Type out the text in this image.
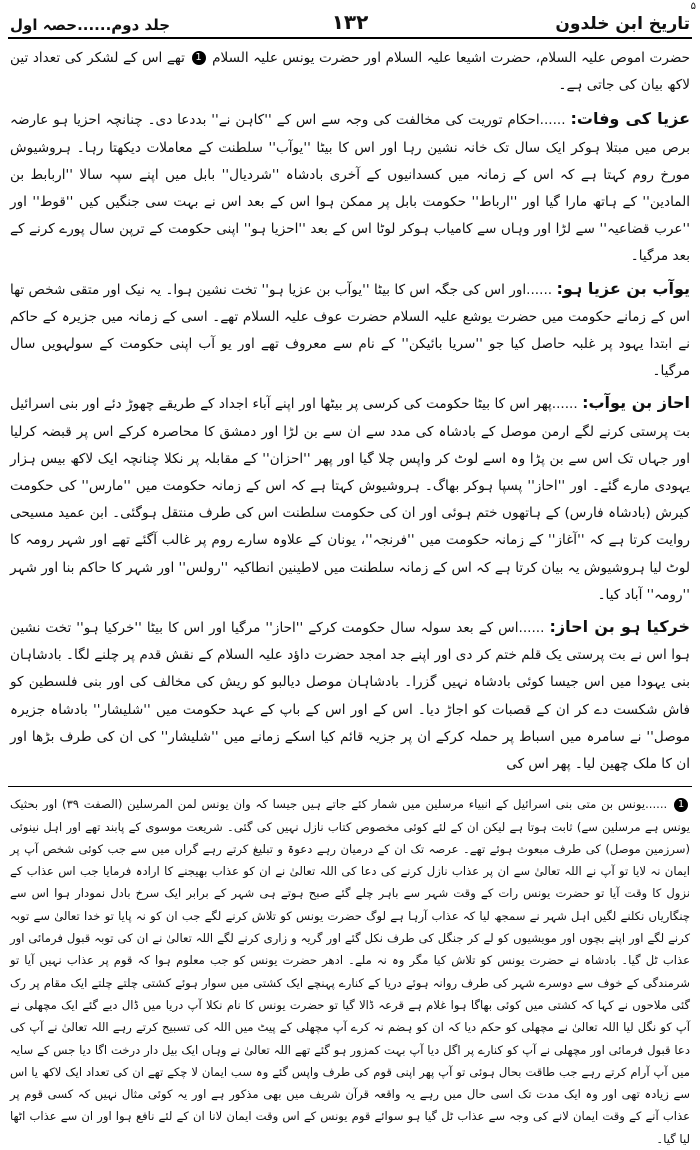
۵
تاریخ ابن خلدون
١٣٢
جلد دوم......حصہ اول

حضرت اموص علیہ السلام، حضرت اشیعا علیہ السلام اور حضرت یونس علیہ السلام 1 تھے اس کے لشکر کی تعداد تین لاکھ بیان کی جاتی ہے۔

عزیا کی وفات: ......احکام توریت کی مخالفت کی وجہ سے اس کے ''کاہن نے'' بددعا دی۔ چنانچہ احزیا ہو عارضہ برص میں مبتلا ہوکر ایک سال تک خانہ نشین رہا اور اس کا بیٹا ''یوآب'' سلطنت کے معاملات دیکھتا رہا۔ ہروشیوش مورخ روم کہتا ہے کہ اس کے زمانہ میں کسدانیوں کے آخری بادشاہ ''شردیال'' بابل میں اپنے سپہ سالا ''اربابط بن المادین'' کے ہاتھ مارا گیا اور ''ارباط'' حکومت بابل پر ممکن ہوا اس کے بعد اس نے بہت سی جنگیں کیں ''قوط'' اور ''عرب قضاعیہ'' سے لڑا اور وہاں سے کامیاب ہوکر لوٹا اس کے بعد ''احزیا ہو'' اپنی حکومت کے ترپن سال پورے کرنے کے بعد مرگیا۔

یوآب بن عزیا ہو: ......اور اس کی جگہ اس کا بیٹا ''یوآب بن عزیا ہو'' تخت نشین ہوا۔ یہ نیک اور متقی شخص تھا اس کے زمانے حکومت میں حضرت یوشع علیہ السلام حضرت عوف علیہ السلام تھے۔ اسی کے زمانہ میں جزیرہ کے حاکم نے ابتدا یہود پر غلبہ حاصل کیا جو ''سریا بائیکن'' کے نام سے معروف تھے اور یو آب اپنی حکومت کے سولہویں سال مرگیا۔

احاز بن یوآب: ......پھر اس کا بیٹا حکومت کی کرسی پر بیٹھا اور اپنے آباء اجداد کے طریقے چھوڑ دئے اور بنی اسرائیل بت پرستی کرنے لگے ارمن موصل کے بادشاہ کی مدد سے ان سے بن لڑا اور دمشق کا محاصرہ کرکے اس پر قبضہ کرلیا اور جہاں تک اس سے بن پڑا وہ اسے لوٹ کر واپس چلا گیا اور پھر ''احزان'' کے مقابلہ پر نکلا چنانچہ ایک لاکھ بیس ہزار یہودی مارے گئے۔ اور ''احاز'' پسپا ہوکر بھاگ۔ ہروشیوش کہتا ہے کہ اس کے زمانہ حکومت میں ''مارس'' کی حکومت کیرش (بادشاہ فارس) کے ہاتھوں ختم ہوئی اور ان کی حکومت سلطنت اس کی طرف منتقل ہوگئی۔ ابن عمید مسیحی روایت کرتا ہے کہ ''آغاز'' کے زمانہ حکومت میں ''فرنجہ''، یونان کے علاوہ سارے روم پر غالب آگئے تھے اور شہر رومہ کا لوٹ لیا ہروشیوش یہ بیان کرتا ہے کہ اس کے زمانہ سلطنت میں لاطینین انطاکیہ ''رولس'' اور شہر کا حاکم بنا اور شہر ''رومہ'' آباد کیا۔

خرکیا ہو بن احاز: ......اس کے بعد سولہ سال حکومت کرکے ''احاز'' مرگیا اور اس کا بیٹا ''خرکیا ہو'' تخت نشین ہوا اس نے بت پرستی یک قلم ختم کر دی اور اپنے جد امجد حضرت داؤد علیہ السلام کے نقش قدم پر چلنے لگا۔ بادشاہان بنی یہودا میں اس جیسا کوئی بادشاہ نہیں گزرا۔ بادشاہان موصل دیالبو کو ریش کی مخالف کی اور بنی فلسطین کو فاش شکست دے کر ان کے قصبات کو اجاڑ دیا۔ اس کے اور اس کے باپ کے عہد حکومت میں ''شلیشار'' بادشاہ جزیرہ موصل'' نے سامرہ میں اسباط پر حملہ کرکے ان پر جزیہ قائم کیا اسکے زمانے میں ''شلیشار'' کی ان کی طرف بڑھا اور ان کا ملک چھین لیا۔ پھر اس کی

1 ......یونس بن متی بنی اسرائیل کے انبیاء مرسلین میں شمار کئے جاتے ہیں جیسا کہ وان یونس لمن المرسلین (الصفت ۳۹) اور بحثیک یونس ہے مرسلین سے) ثابت ہوتا ہے لیکن ان کے لئے کوئی مخصوص کتاب نازل نہیں کی گئی۔ شریعت موسوی کے پابند تھے اور اہل نینوئی (سرزمین موصل) کی طرف مبعوث ہوئے تھے۔ عرصہ تک ان کے درمیان رہے دعوۃ و تبلیغ کرتے رہے گراں میں سے جب کوئی شخص آپ پر ایمان نہ لایا تو آپ نے اللہ تعالیٰ سے ان پر عذاب نازل کرنے کی دعا کی اللہ تعالیٰ نے ان کو عذاب بھیجنے کا ارادہ فرمایا جب اس عذاب کے نزول کا وقت آیا تو حضرت یونس رات کے وقت شہر سے باہر چلے گئے صبح ہوتے ہی شہر کے برابر ایک سرخ بادل نمودار ہوا اس سے چنگاریاں نکلنے لگیں اہل شہر نے سمجھ لیا کہ عذاب آرہا ہے لوگ حضرت یونس کو تلاش کرنے لگے جب ان کو نہ پایا تو خدا تعالیٰ سے توبہ کرنے لگے اور اپنے بچوں اور مویشیوں کو لے کر جنگل کی طرف نکل گئے اور گریہ و زاری کرنے لگے اللہ تعالیٰ نے ان کی توبہ قبول فرمائی اور عذاب ٹل گیا۔ بادشاہ نے حضرت یونس کو تلاش کیا مگر وہ نہ ملے۔ ادھر حضرت یونس کو جب معلوم ہوا کہ قوم پر عذاب نہیں آیا تو شرمندگی کے خوف سے دوسرے شہر کی طرف روانہ ہوئے دریا کے کنارے پہنچے ایک کشتی میں سوار ہوئے کشتی چلتے چلتے ایک مقام پر رک گئی ملاحوں نے کہا کہ کشتی میں کوئی بھاگا ہوا غلام ہے قرعہ ڈالا گیا تو حضرت یونس کا نام نکلا آپ دریا میں ڈال دیے گئے ایک مچھلی نے آپ کو نگل لیا اللہ تعالیٰ نے مچھلی کو حکم دیا کہ ان کو ہضم نہ کرے آپ مچھلی کے پیٹ میں اللہ کی تسبیح کرتے رہے اللہ تعالیٰ نے آپ کی دعا قبول فرمائی اور مچھلی نے آپ کو کنارے پر اگل دیا آپ بہت کمزور ہو گئے تھے اللہ تعالیٰ نے وہاں ایک بیل دار درخت اگا دیا جس کے سایہ میں آپ آرام کرتے رہے جب طاقت بحال ہوئی تو آپ پھر اپنی قوم کی طرف واپس گئے وہ سب ایمان لا چکے تھے ان کی تعداد ایک لاکھ یا اس سے زیادہ تھی اور وہ ایک مدت تک اسی حال میں رہے یہ واقعہ قرآن شریف میں بھی مذکور ہے اور یہ کوئی مثال نہیں کہ کسی قوم پر عذاب آنے کے وقت ایمان لانے کی وجہ سے عذاب ٹل گیا ہو سوائے قوم یونس کے اس وقت ایمان لانا ان کے لئے نافع ہوا اور ان سے عذاب اٹھا لیا گیا۔
